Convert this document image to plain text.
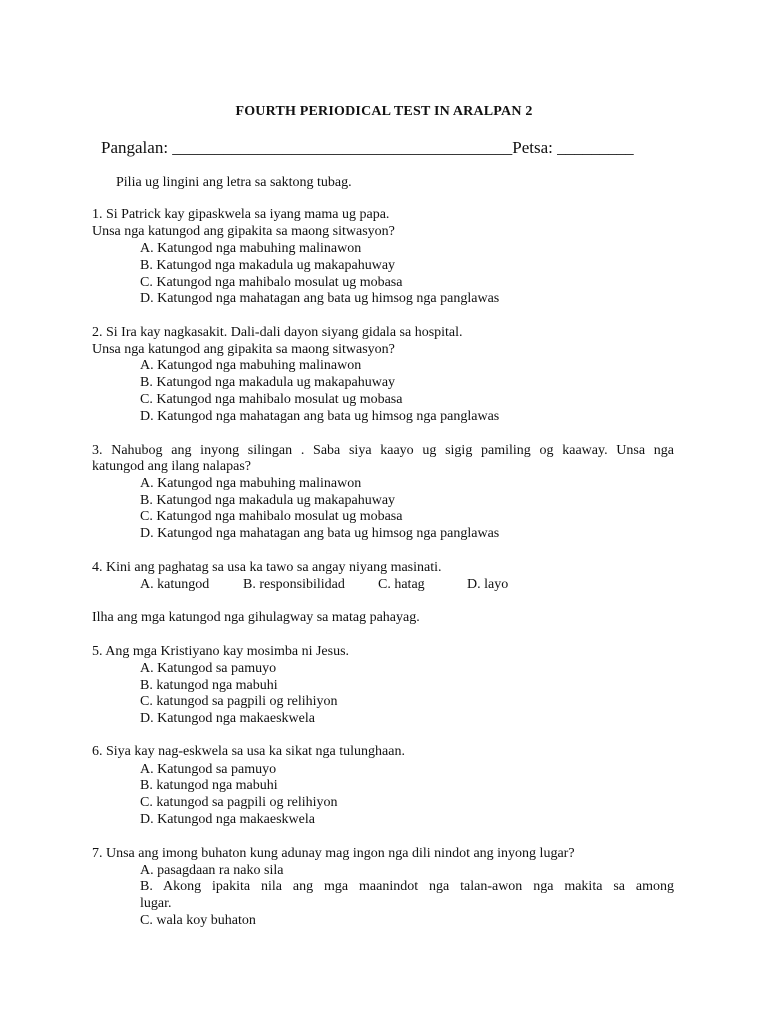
FOURTH PERIODICAL TEST IN ARALPAN 2
Pangalan: ________________________________________Petsa: _________
Pilia ug lingini ang letra sa saktong tubag.
1. Si Patrick kay gipaskwela sa iyang mama ug papa.
Unsa nga katungod ang gipakita sa maong sitwasyon?
A. Katungod nga mabuhing malinawon
B. Katungod nga makadula ug makapahuway
C. Katungod nga mahibalo mosulat ug mobasa
D. Katungod nga mahatagan ang bata ug himsog nga panglawas
2. Si Ira kay nagkasakit. Dali-dali dayon siyang gidala sa hospital.
Unsa nga katungod ang gipakita sa maong sitwasyon?
A. Katungod nga mabuhing malinawon
B. Katungod nga makadula ug makapahuway
C. Katungod nga mahibalo mosulat ug mobasa
D. Katungod nga mahatagan ang bata ug himsog nga panglawas
3. Nahubog ang inyong silingan . Saba siya kaayo ug sigig pamiling og kaaway. Unsa nga
katungod ang ilang nalapas?
A. Katungod nga mabuhing malinawon
B. Katungod nga makadula ug makapahuway
C. Katungod nga mahibalo mosulat ug mobasa
D. Katungod nga mahatagan ang bata ug himsog nga panglawas
4. Kini ang paghatag sa usa ka tawo sa angay niyang masinati.
A. katungod B. responsibilidad C. hatag	D. layo
Ilha ang mga katungod nga gihulagway sa matag pahayag.
5. Ang mga Kristiyano kay mosimba ni Jesus.
A. Katungod sa pamuyo
B. katungod nga mabuhi
C. katungod sa pagpili og relihiyon
D. Katungod nga makaeskwela
6. Siya kay nag-eskwela sa usa ka sikat nga tulunghaan.
A. Katungod sa pamuyo
B. katungod nga mabuhi
C. katungod sa pagpili og relihiyon
D. Katungod nga makaeskwela
7. Unsa ang imong buhaton kung adunay mag ingon nga dili nindot ang inyong lugar?
A. pasagdaan ra nako sila
B. Akong ipakita nila ang mga maanindot nga talan-awon nga makita sa among
lugar.
C. wala koy buhaton
